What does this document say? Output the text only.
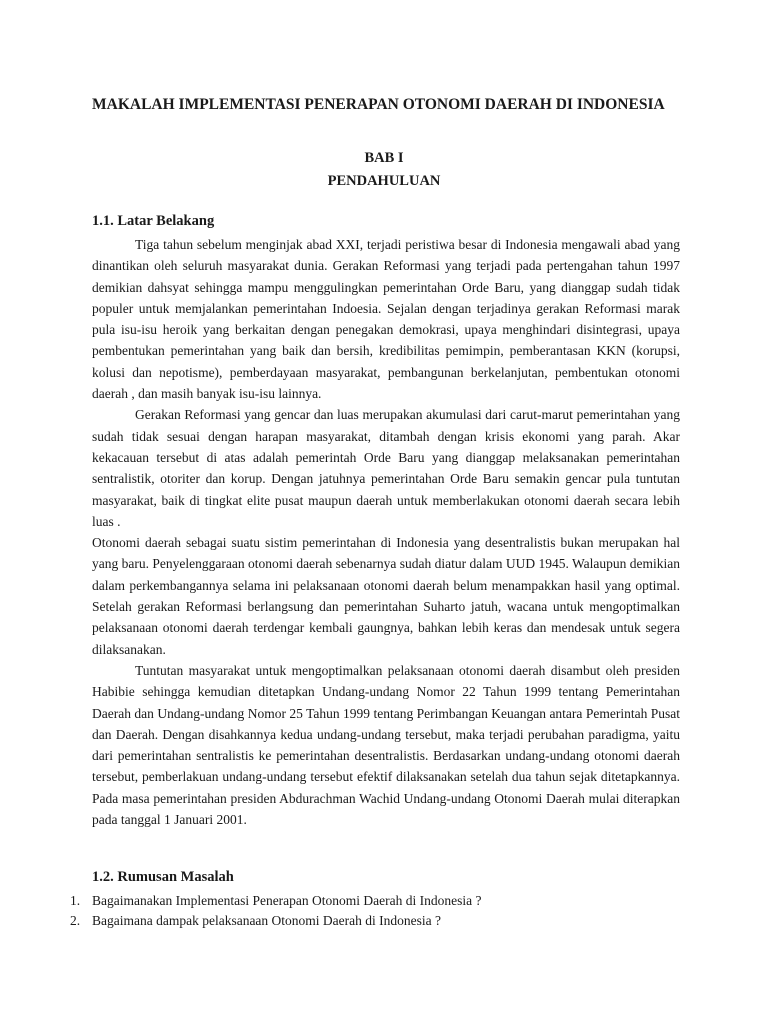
MAKALAH IMPLEMENTASI PENERAPAN OTONOMI DAERAH DI INDONESIA
BAB I
PENDAHULUAN
1.1. Latar Belakang

Tiga tahun sebelum menginjak abad XXI, terjadi peristiwa besar di Indonesia mengawali abad yang dinantikan oleh seluruh masyarakat dunia. Gerakan Reformasi yang terjadi pada pertengahan tahun 1997 demikian dahsyat sehingga mampu menggulingkan pemerintahan Orde Baru, yang dianggap sudah tidak populer untuk memjalankan pemerintahan Indoesia. Sejalan dengan terjadinya gerakan Reformasi marak pula isu-isu heroik yang berkaitan dengan penegakan demokrasi, upaya menghindari disintegrasi, upaya pembentukan pemerintahan yang baik dan bersih, kredibilitas pemimpin, pemberantasan KKN (korupsi, kolusi dan nepotisme), pemberdayaan masyarakat, pembangunan berkelanjutan, pembentukan otonomi daerah , dan masih banyak isu-isu lainnya.

Gerakan Reformasi yang gencar dan luas merupakan akumulasi dari carut-marut pemerintahan yang sudah tidak sesuai dengan harapan masyarakat, ditambah dengan krisis ekonomi yang parah. Akar kekacauan tersebut di atas adalah pemerintah Orde Baru yang dianggap melaksanakan pemerintahan sentralistik, otoriter dan korup. Dengan jatuhnya pemerintahan Orde Baru semakin gencar pula tuntutan masyarakat, baik di tingkat elite pusat maupun daerah untuk memberlakukan otonomi daerah secara lebih luas .

Otonomi daerah sebagai suatu sistim pemerintahan di Indonesia yang desentralistis bukan merupakan hal yang baru. Penyelenggaraan otonomi daerah sebenarnya sudah diatur dalam UUD 1945. Walaupun demikian dalam perkembangannya selama ini pelaksanaan otonomi daerah belum menampakkan hasil yang optimal. Setelah gerakan Reformasi berlangsung dan pemerintahan Suharto jatuh, wacana untuk mengoptimalkan pelaksanaan otonomi daerah terdengar kembali gaungnya, bahkan lebih keras dan mendesak untuk segera dilaksanakan.

Tuntutan masyarakat untuk mengoptimalkan pelaksanaan otonomi daerah disambut oleh presiden Habibie sehingga kemudian ditetapkan Undang-undang Nomor 22 Tahun 1999 tentang Pemerintahan Daerah dan Undang-undang Nomor 25 Tahun 1999 tentang Perimbangan Keuangan antara Pemerintah Pusat dan Daerah. Dengan disahkannya kedua undang-undang tersebut, maka terjadi perubahan paradigma, yaitu dari pemerintahan sentralistis ke pemerintahan desentralistis. Berdasarkan undang-undang otonomi daerah tersebut, pemberlakuan undang-undang tersebut efektif dilaksanakan setelah dua tahun sejak ditetapkannya. Pada masa pemerintahan presiden Abdurachman Wachid Undang-undang Otonomi Daerah mulai diterapkan pada tanggal 1 Januari 2001.

1.2. Rumusan Masalah
1. Bagaimanakan Implementasi Penerapan Otonomi Daerah di Indonesia ?
2. Bagaimana dampak pelaksanaan Otonomi Daerah di Indonesia ?
